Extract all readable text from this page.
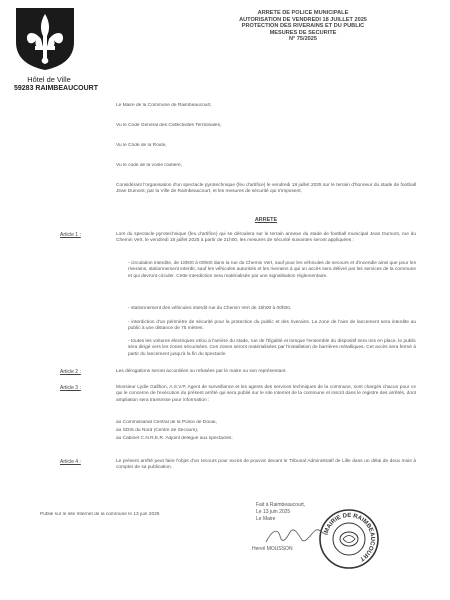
Hôtel de Ville
59283 RAIMBEAUCOURT
ARRETE DE POLICE MUNICIPALE
AUTORISATION DE VENDREDI 18 JUILLET 2025
PROTECTION DES RIVERAINS ET DU PUBLIC
MESURES DE SECURITE
N° 75/2025
Le Maire de la Commune de Raimbeaucourt,
Vu le Code Général des Collectivités Territoriales,
Vu le Code de la Route,
Vu le code de la voirie routière,
Considérant l'organisation d'un spectacle pyrotechnique (feu d'artifice) le vendredi 18 juillet 2025 sur le terrain d'honneur du stade de football Jean Dumont, par la Ville de Raimbeaucourt, et les mesures de sécurité qui s'imposent,
ARRETE
Article 1 :	Lors du spectacle pyrotechnique (feu d'artifice) qui se déroulera sur le terrain annexe du stade de football municipal Jean Dumont, rue du Chemin Vert, le vendredi 18 juillet 2025 à partir de 21h00, les mesures de sécurité suivantes seront appliquées :
- circulation interdite, de 18h00 à 00h00 dans la rue du Chemin Vert, sauf pour les véhicules de secours et d'incendie ainsi que pour les riverains, stationnement interdit, sauf les véhicules autorisés et les riverains à qui un accès sera délivré par les services de la commune et qui devront circuler. Cette interdiction sera matérialisée par une signalisation réglementaire.
- stationnement des véhicules interdit rue du Chemin Vert de 15h00 à 00h00,
- interdiction d'un périmètre de sécurité pour la protection du public et des riverains. La zone de l'aire de lancement sera interdite au public à une distance de 75 mètres.
- toutes les voitures électriques et/ou à l'arrière du stade, rue de l'Égalité et lorsque l'ensemble du dispositif sera mis en place, le public sera dirigé vers les zones sécurisées. Ces zones seront matérialisées par l'installation de barrières métalliques. Cet accès sera fermé à partir du lancement jusqu'à la fin du spectacle.
Article 2 :	Les dérogations seront accordées ou refusées par le maire ou son représentant.
Article 3 :	Monsieur Lydie Gallhon, A.S.V.P, Agent de surveillance et les agents des services techniques de la commune, sont chargés chacun pour ce qui le concerne de l'exécution du présent arrêté qui sera publié sur le site internet de la commune et inscrit dans le registre des arrêtés, dont ampliation sera transmise pour information :
au Commissariat Central de la Police de Douai,
au SDIS du Nord (Centre de Secours),
au Cabinet C.N.R.E.R. Adjoint délégué aux spectacles.
Article 4 :	Le présent arrêté peut faire l'objet d'un recours pour excès de pouvoir devant le Tribunal Administratif de Lille dans un délai de deux mois à compter de sa publication.
Publié sur le site Internet de la commune le 13 juin 2025
Fait à Raimbeaucourt,
Le 13 juin 2025
Le Maire
Hervé MOUSSON
MAIRIE DE RAIMBEAUCOURT
